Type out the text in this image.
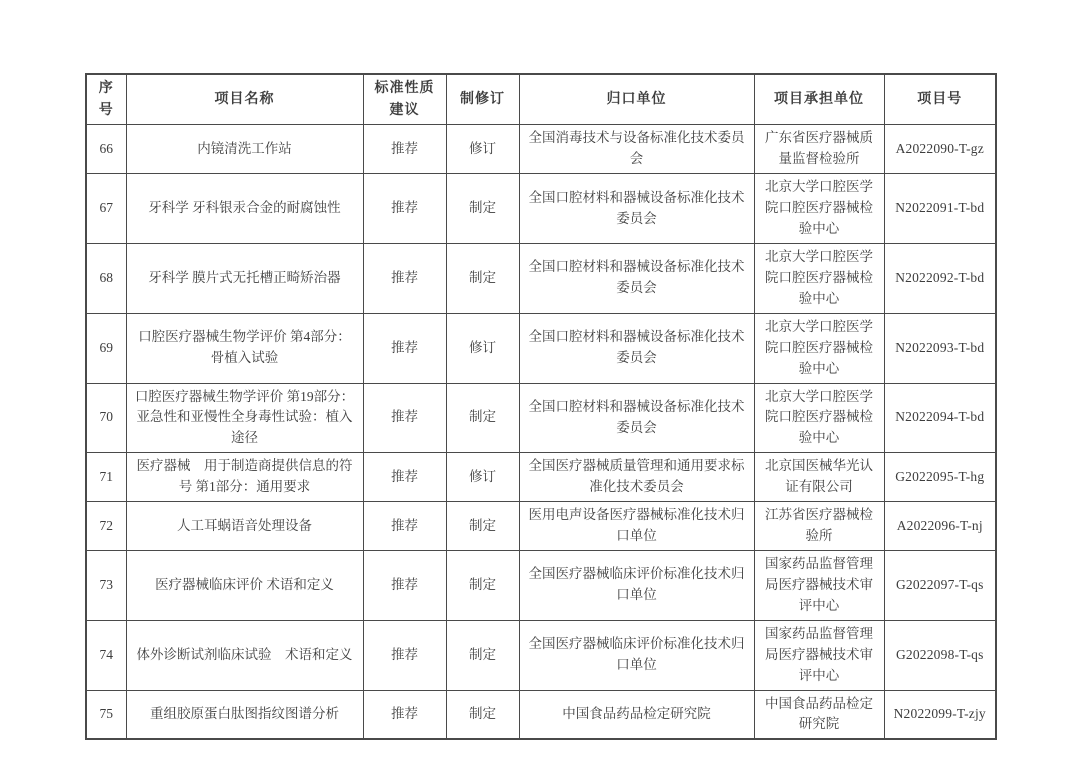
序号	项目名称	标准性质建议	制修订	归口单位	项目承担单位	项目号
66	内镜清洗工作站	推荐	修订	全国消毒技术与设备标准化技术委员会	广东省医疗器械质量监督检验所	A2022090-T-gz
67	牙科学 牙科银汞合金的耐腐蚀性	推荐	制定	全国口腔材料和器械设备标准化技术委员会	北京大学口腔医学院口腔医疗器械检验中心	N2022091-T-bd
68	牙科学 膜片式无托槽正畸矫治器	推荐	制定	全国口腔材料和器械设备标准化技术委员会	北京大学口腔医学院口腔医疗器械检验中心	N2022092-T-bd
69	口腔医疗器械生物学评价 第4部分：骨植入试验	推荐	修订	全国口腔材料和器械设备标准化技术委员会	北京大学口腔医学院口腔医疗器械检验中心	N2022093-T-bd
70	口腔医疗器械生物学评价 第19部分：亚急性和亚慢性全身毒性试验：植入途径	推荐	制定	全国口腔材料和器械设备标准化技术委员会	北京大学口腔医学院口腔医疗器械检验中心	N2022094-T-bd
71	医疗器械　用于制造商提供信息的符号 第1部分：通用要求	推荐	修订	全国医疗器械质量管理和通用要求标准化技术委员会	北京国医械华光认证有限公司	G2022095-T-hg
72	人工耳蜗语音处理设备	推荐	制定	医用电声设备医疗器械标准化技术归口单位	江苏省医疗器械检验所	A2022096-T-nj
73	医疗器械临床评价 术语和定义	推荐	制定	全国医疗器械临床评价标准化技术归口单位	国家药品监督管理局医疗器械技术审评中心	G2022097-T-qs
74	体外诊断试剂临床试验　术语和定义	推荐	制定	全国医疗器械临床评价标准化技术归口单位	国家药品监督管理局医疗器械技术审评中心	G2022098-T-qs
75	重组胶原蛋白肽图指纹图谱分析	推荐	制定	中国食品药品检定研究院	中国食品药品检定研究院	N2022099-T-zjy
